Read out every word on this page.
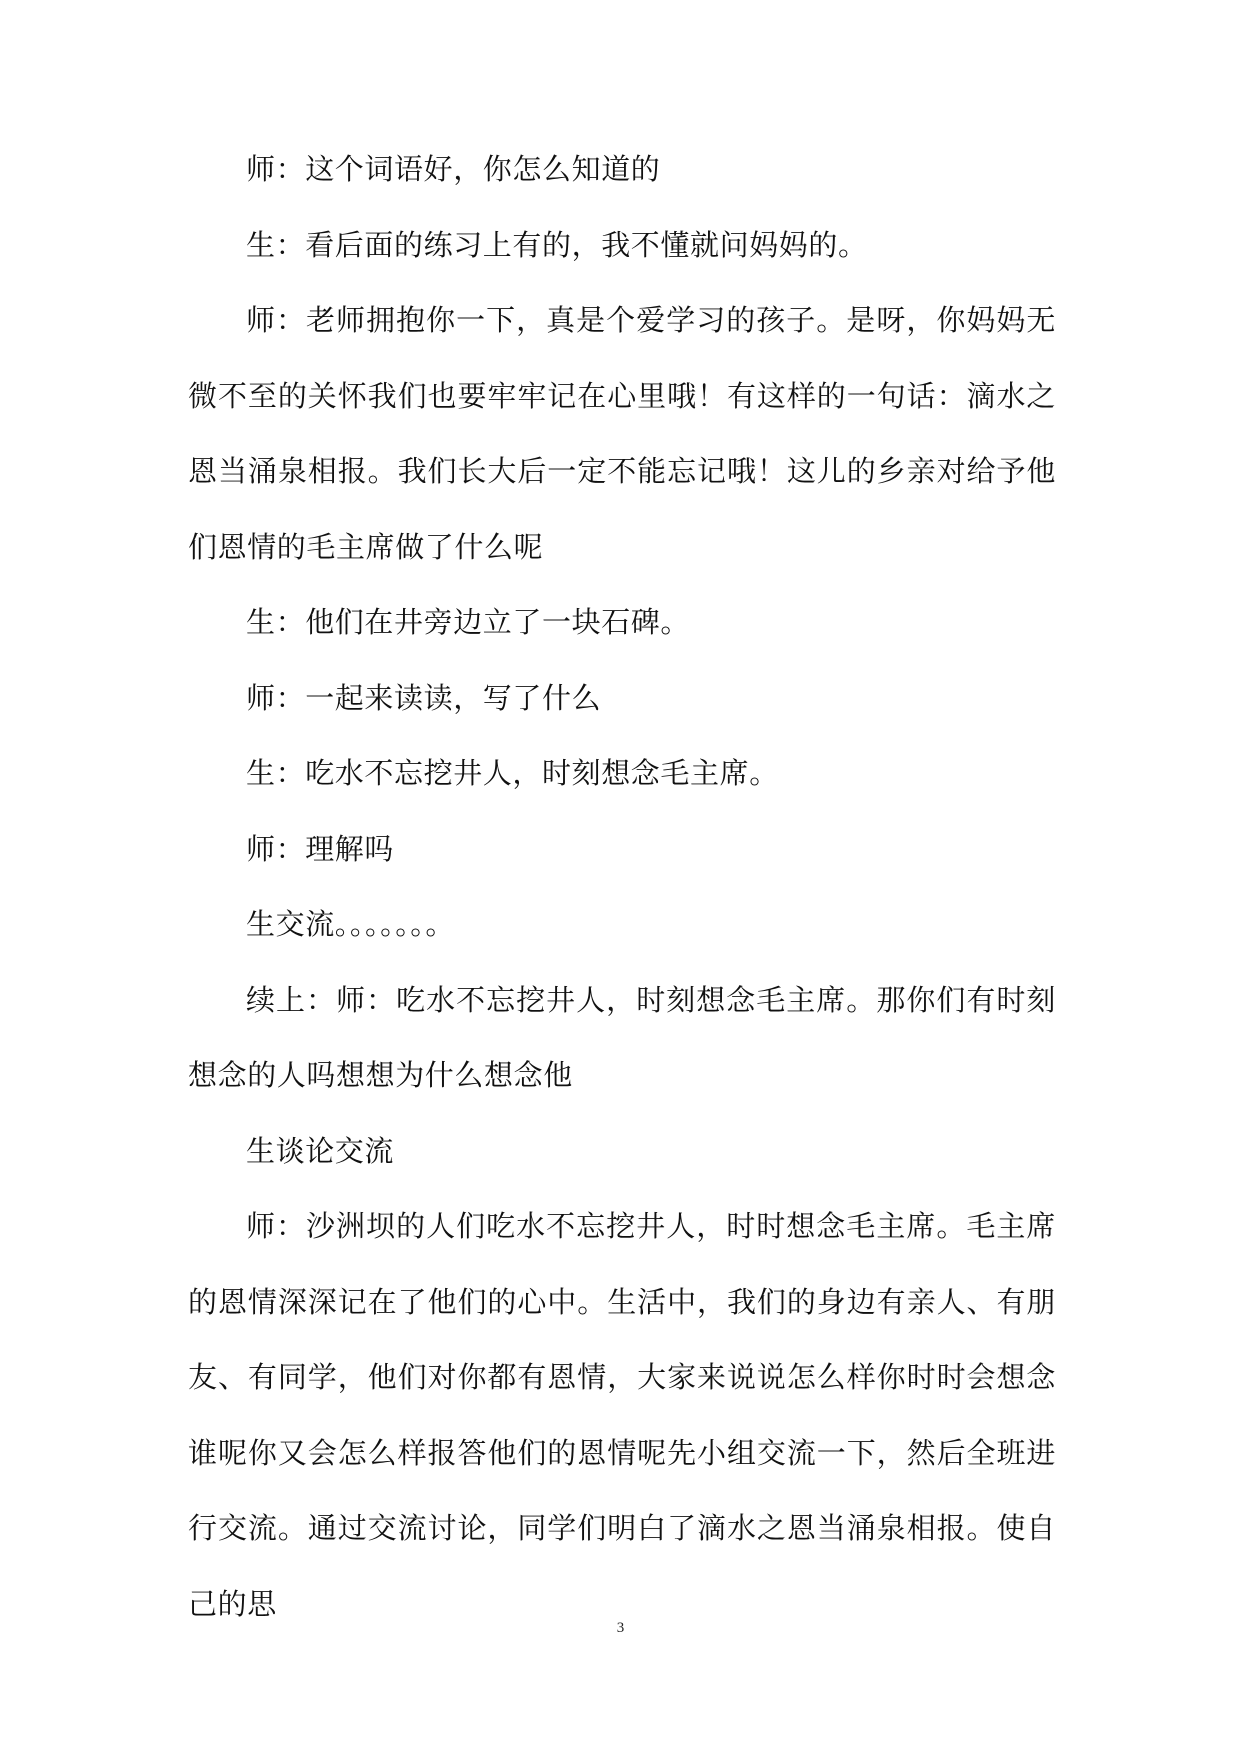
师：这个词语好，你怎么知道的

生：看后面的练习上有的，我不懂就问妈妈的。

师：老师拥抱你一下，真是个爱学习的孩子。是呀，你妈妈无微不至的关怀我们也要牢牢记在心里哦！有这样的一句话：滴水之恩当涌泉相报。我们长大后一定不能忘记哦！这儿的乡亲对给予他们恩情的毛主席做了什么呢

生：他们在井旁边立了一块石碑。

师：一起来读读，写了什么

生：吃水不忘挖井人，时刻想念毛主席。

师：理解吗

生交流。。。。。。。

续上：师：吃水不忘挖井人，时刻想念毛主席。那你们有时刻想念的人吗想想为什么想念他

生谈论交流

师：沙洲坝的人们吃水不忘挖井人，时时想念毛主席。毛主席的恩情深深记在了他们的心中。生活中，我们的身边有亲人、有朋友、有同学，他们对你都有恩情，大家来说说怎么样你时时会想念谁呢你又会怎么样报答他们的恩情呢先小组交流一下，然后全班进行交流。通过交流讨论，同学们明白了滴水之恩当涌泉相报。使自己的思

3
